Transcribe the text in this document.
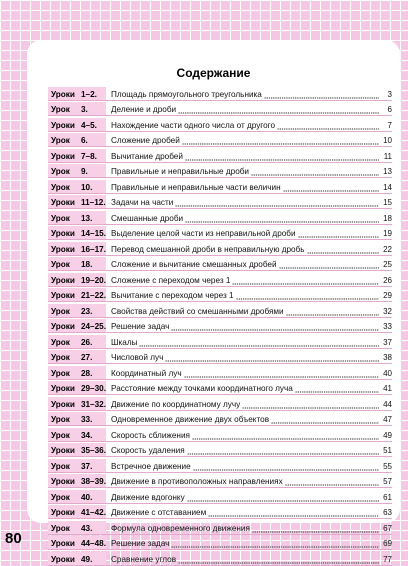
Содержание
Уроки 1–2. Площадь прямоугольного треугольника	3
Урок	3.	Деление и дроби	6
Уроки 4–5. Нахождение части одного числа от другого	7
Урок	6.	Сложение дробей	10
Уроки 7–8. Вычитание дробей	11
Урок	9.	Правильные и неправильные дроби	13
Урок	10. Правильные и неправильные части величин	14
Уроки 11–12. Задачи на части	15
Урок	13. Смешанные дроби	18
Уроки 14–15. Выделение целой части из неправильной дроби	19
Уроки 16–17. Перевод смешанной дроби в неправильную дробь	22
Урок	18. Сложение и вычитание смешанных дробей	25
Уроки 19–20. Сложение с переходом через 1	26
Уроки 21–22. Вычитание с переходом через 1	29
Урок	23. Свойства действий со смешанными дробями	32
Уроки 24–25. Решение задач	33
Урок	26. Шкалы	37
Урок	27. Числовой луч	38
Урок	28. Координатный луч	40
Уроки 29–30. Расстояние между точками координатного луча	41
Уроки 31–32. Движение по координатному лучу	44
Урок	33. Одновременное движение двух объектов	47
Урок	34. Скорость сближения	49
Уроки 35–36. Скорость удаления	51
Урок	37. Встречное движение	55
Уроки 38–39. Движение в противоположных направлениях	57
Урок	40. Движение вдогонку	61
Уроки 41–42. Движение с отставанием	63
Урок	43. Формула одновременного движения	67
Уроки 44–48. Решение задач	69
Уроки 49. Сравнение углов	77
80
